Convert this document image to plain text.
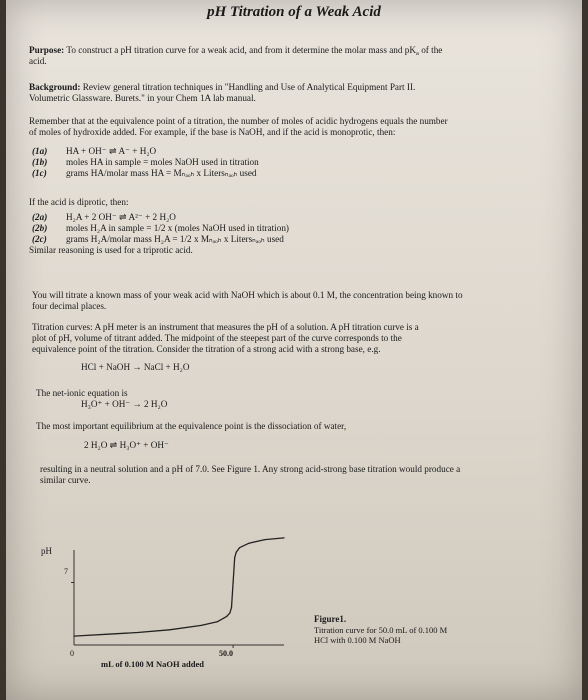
pH Titration of a Weak Acid
Purpose: To construct a pH titration curve for a weak acid, and from it determine the molar mass and $pK_a$ of the
acid.
Background: Review general titration techniques in "Handling and Use of Analytical Equipment Part II.
Volumetric Glassware. Burets." in your Chem 1A lab manual.
Remember that at the equivalence point of a titration, the number of moles of acidic hydrogens equals the number
of moles of hydroxide added. For example, if the base is NaOH, and if the acid is monoprotic, then:
(1a) HA + OH⁻ ⇌ A⁻ + H₂O
(1b) moles HA in sample = moles NaOH used in titration
(1c) grams HA/molar mass HA = Mₙₐₒₕ x Litersₙₐₒₕ used
If the acid is diprotic, then:
(2a) H₂A + 2 OH⁻ ⇌ A²⁻ + 2 H₂O
(2b) moles H₂A in sample = 1/2 x (moles NaOH used in titration)
(2c) grams H₂A/molar mass H₂A = 1/2 x Mₙₐₒₕ x Litersₙₐₒₕ used
Similar reasoning is used for a triprotic acid.
You will titrate a known mass of your weak acid with NaOH which is about 0.1 M, the concentration being known to
four decimal places.
Titration curves: A pH meter is an instrument that measures the pH of a solution. A pH titration curve is a
plot of pH, volume of titrant added. The midpoint of the steepest part of the curve corresponds to the
equivalence point of the titration. Consider the titration of a strong acid with a strong base, e.g.
HCl + NaOH → NaCl + H₂O
The net-ionic equation is
H₃O⁺ + OH⁻ → 2 H₂O
The most important equilibrium at the equivalence point is the dissociation of water,
2 H₂O ⇌ H₃O⁺ + OH⁻
resulting in a neutral solution and a pH of 7.0. See Figure 1. Any strong acid-strong base titration would produce a
similar curve.
pH
7
0	50.0
mL of 0.100 M NaOH added
Figure1.
Titration curve for 50.0 mL of 0.100 M
HCl with 0.100 M NaOH
